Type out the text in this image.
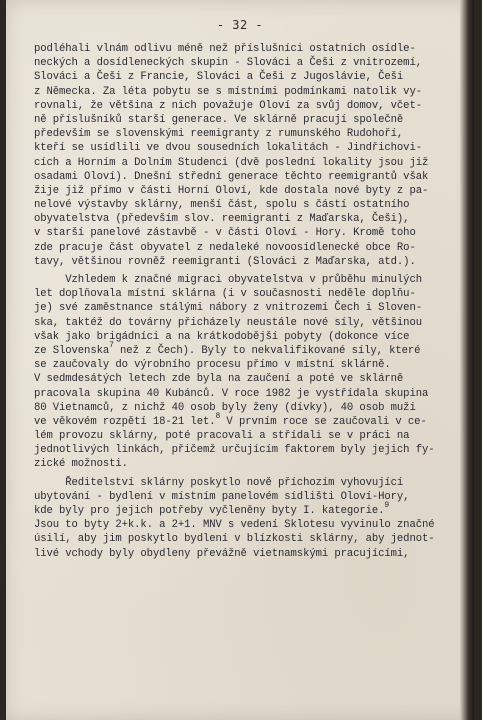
- 32 -
podléhali vlnám odlivu méně než příslušníci ostatních osídle-
neckých a dosídleneckých skupin - Slováci a Češi z vnitrozemí,
Slováci a Češi z Francie, Slováci a Češi z Jugoslávie, Češi
z Německa. Za léta pobytu se s místními podmínkami natolik vy-
rovnali, že většina z nich považuje Oloví za svůj domov, včet-
ně příslušníků starší generace. Ve sklárně pracují společně
především se slovenskými reemigranty z rumunského Rudohoří,
kteří se usídlili ve dvou sousedních lokalitách - Jindřichovi-
cích a Horním a Dolním Studenci (dvě poslední lokality jsou již
osadami Oloví). Dnešní střední generace těchto reemigrantů však
žije již přímo v části Horní Oloví, kde dostala nové byty z pa-
nelové výstavby sklárny, menší část, spolu s částí ostatního
obyvatelstva (především slov. reemigranti z Maďarska, Češi),
v starší panelové zástavbě - v části Oloví - Hory. Kromě toho
zde pracuje část obyvatel z nedaleké novoosídlenecké obce Ro-
tavy, většinou rovněž reemigranti (Slováci z Maďarska, atd.).
Vzhledem k značné migraci obyvatelstva v průběhu minulých
let doplňovala místní sklárna (i v současnosti neděle doplňu-
je) své zaměstnance stálými nábory z vnitrozemí Čech i Sloven-
ska, taktéž do továrny přicházely neustále nové síly, většinou
však jako brigádníci a na krátkodobější pobyty (dokonce více
ze Slovenska$^7$ než z Čech). Byly to nekvalifikované síly, které
se zaučovaly do výrobního procesu přímo v místní sklárně.
V sedmdesátých letech zde byla na zaučení a poté ve sklárně
pracovala skupina 40 Kubánců. V roce 1982 je vystřídala skupina
80 Vietnamců, z nichž 40 osob byly ženy (dívky), 40 osob muži
ve věkovém rozpětí 18-21 let.$^8$ V prvním roce se zaučovali v ce-
lém provozu sklárny, poté pracovali a střídali se v práci na
jednotlivých linkách, přičemž určujícím faktorem byly jejich fy-
zické možnosti.
Ředitelství sklárny poskytlo nově příchozím vyhovující
ubytování - bydlení v místním panelovém sídlišti Oloví-Hory,
kde byly pro jejich potřeby vyčleněny byty I. kategorie.$^9$
Jsou to byty 2+k.k. a 2+1. MNV s vedení Sklotesu vyvinulo značné
úsilí, aby jim poskytlo bydlení v blízkosti sklárny, aby jednot-
livé vchody byly obydleny převážně vietnamskými pracujícími,
